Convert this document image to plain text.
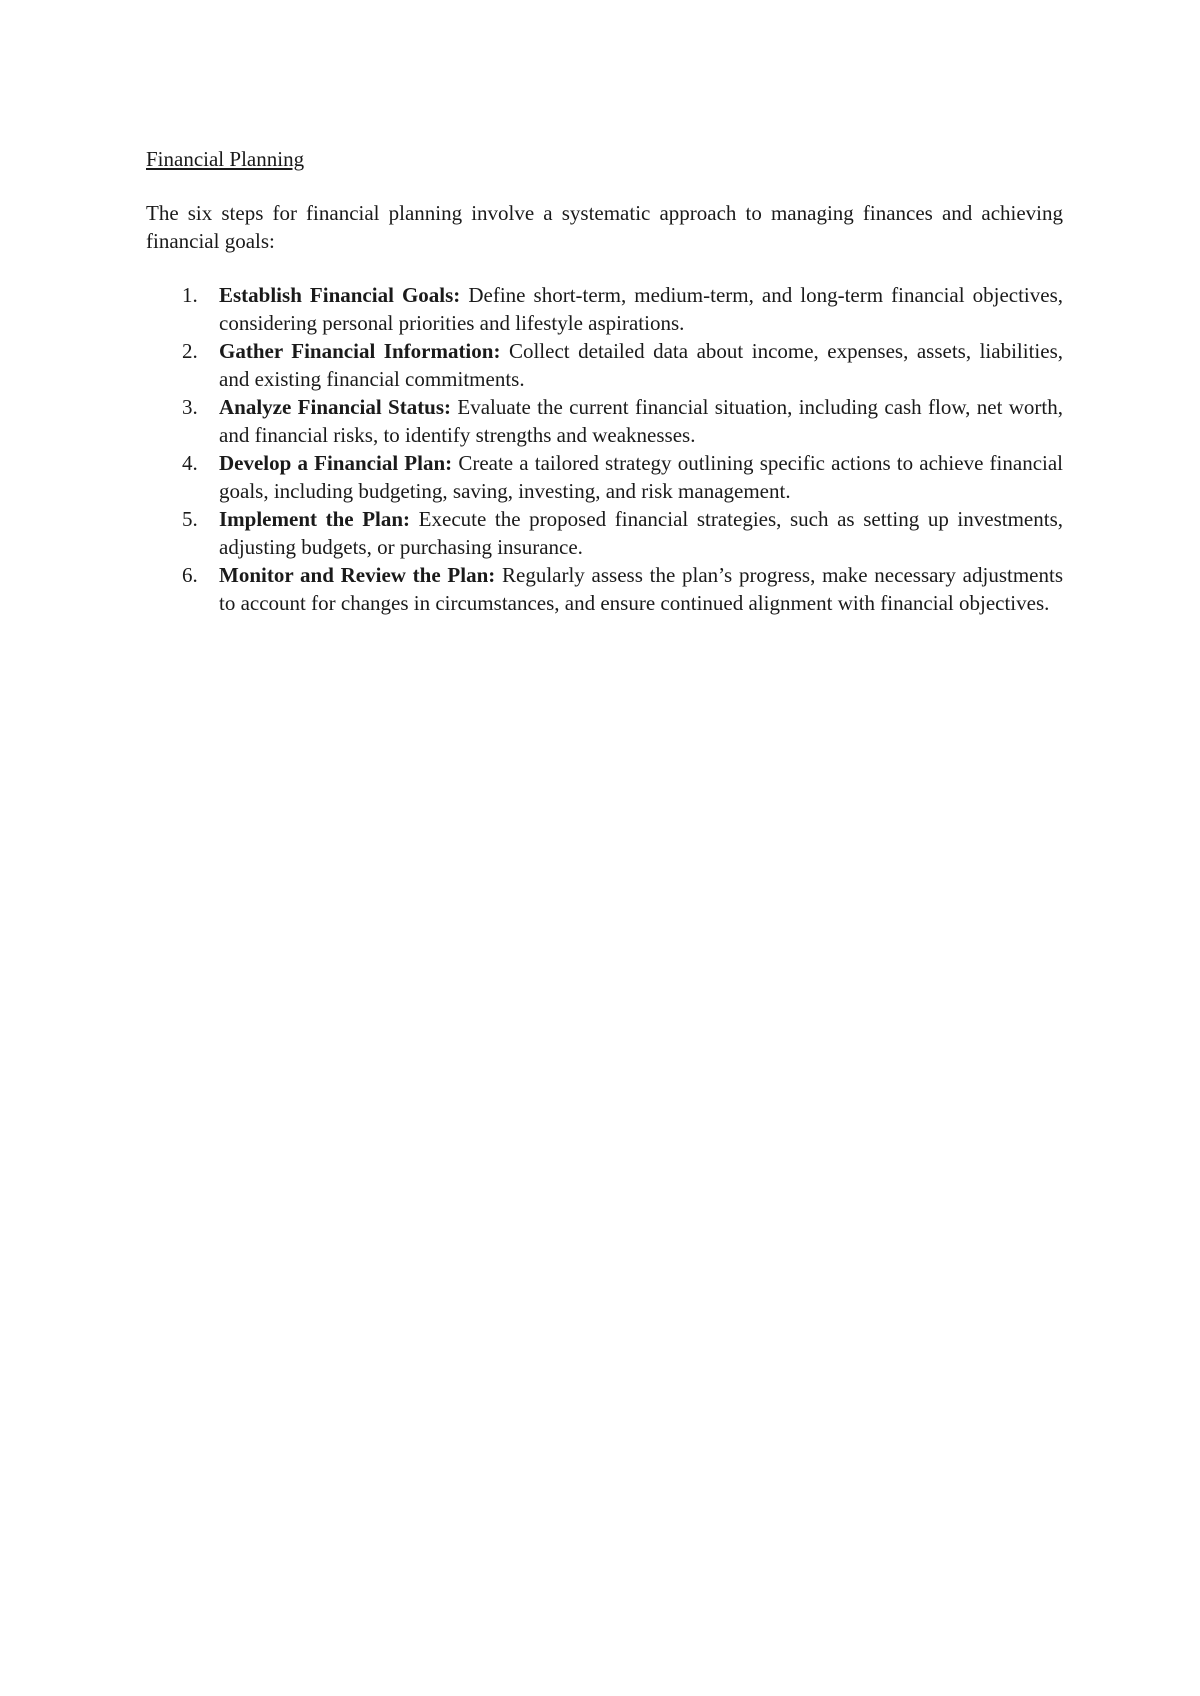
Financial Planning

The six steps for financial planning involve a systematic approach to managing finances and achieving financial goals:

1. Establish Financial Goals: Define short-term, medium-term, and long-term financial objectives, considering personal priorities and lifestyle aspirations.
2. Gather Financial Information: Collect detailed data about income, expenses, assets, liabilities, and existing financial commitments.
3. Analyze Financial Status: Evaluate the current financial situation, including cash flow, net worth, and financial risks, to identify strengths and weaknesses.
4. Develop a Financial Plan: Create a tailored strategy outlining specific actions to achieve financial goals, including budgeting, saving, investing, and risk management.
5. Implement the Plan: Execute the proposed financial strategies, such as setting up investments, adjusting budgets, or purchasing insurance.
6. Monitor and Review the Plan: Regularly assess the plan’s progress, make necessary adjustments to account for changes in circumstances, and ensure continued alignment with financial objectives.
